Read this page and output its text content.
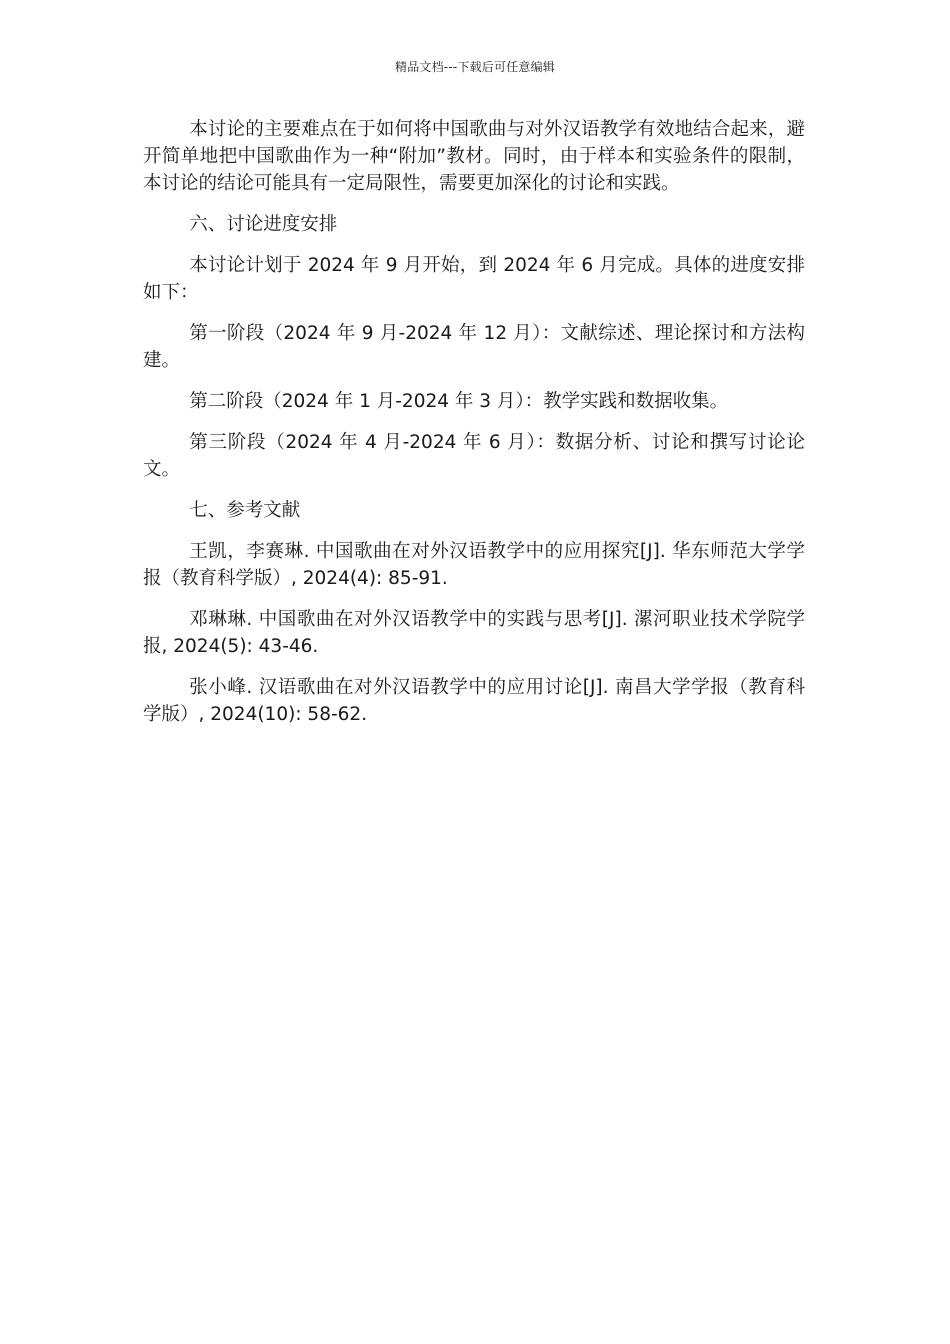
精品文档---下载后可任意编辑

本讨论的主要难点在于如何将中国歌曲与对外汉语教学有效地结合起来，避开简单地把中国歌曲作为一种“附加”教材。同时，由于样本和实验条件的限制，本讨论的结论可能具有一定局限性，需要更加深化的讨论和实践。

六、讨论进度安排

本讨论计划于 2024 年 9 月开始，到 2024 年 6 月完成。具体的进度安排如下：

第一阶段（2024 年 9 月-2024 年 12 月）：文献综述、理论探讨和方法构建。

第二阶段（2024 年 1 月-2024 年 3 月）：教学实践和数据收集。

第三阶段（2024 年 4 月-2024 年 6 月）：数据分析、讨论和撰写讨论论文。

七、参考文献

王凯，李赛琳. 中国歌曲在对外汉语教学中的应用探究[J]. 华东师范大学学报（教育科学版）, 2024(4): 85-91.

邓琳琳. 中国歌曲在对外汉语教学中的实践与思考[J]. 漯河职业技术学院学报, 2024(5): 43-46.

张小峰. 汉语歌曲在对外汉语教学中的应用讨论[J]. 南昌大学学报（教育科学版）, 2024(10): 58-62.
